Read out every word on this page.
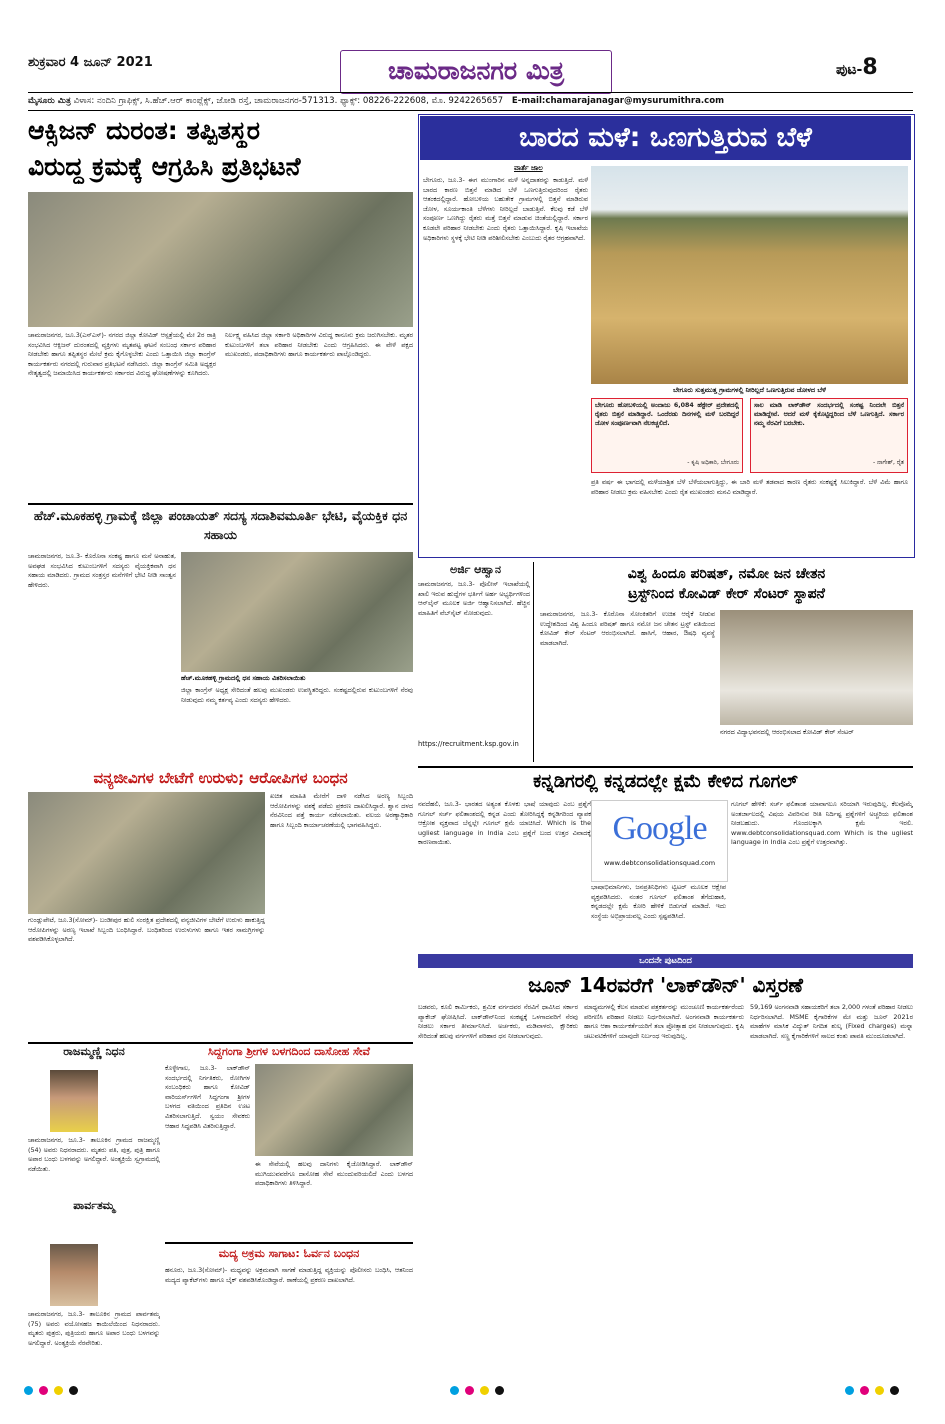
ಶುಕ್ರವಾರ 4 ಜೂನ್ 2021	ಚಾಮರಾಜನಗರ ಮಿತ್ರ	ಪುಟ-8
ಮೈಸೂರು ಮಿತ್ರ ವಿಳಾಸ: ನಂದಿನಿ ಗ್ರಾಫಿಕ್ಸ್, ಸಿ.ಹೆಚ್.ಆರ್ ಕಾಂಪ್ಲೆಕ್ಸ್, ಜೋಡಿ ರಸ್ತೆ, ಚಾಮರಾಜನಗರ-571313. ಫ್ಯಾಕ್ಸ್: 08226-222608, ಮೊ. 9242265657 E-mail:chamarajanagar@mysurumithra.com
ಆಕ್ಸಿಜನ್ ದುರಂತ: ತಪ್ಪಿತಸ್ಥರ
ವಿರುದ್ಧ ಕ್ರಮಕ್ಕೆ ಆಗ್ರಹಿಸಿ ಪ್ರತಿಭಟನೆ
ಚಾಮರಾಜನಗರ, ಜೂ.3(ಎಸ್‌ಎಸ್)- ನಗರದ ಜಿಲ್ಲಾ ಕೋವಿಡ್ ಆಸ್ಪತ್ರೆಯಲ್ಲಿ ಮೇ 2ರ ರಾತ್ರಿ ಸಂಭವಿಸಿದ ಆಕ್ಸಿಜನ್ ದುರಂತದಲ್ಲಿ ವ್ಯಕ್ತಿಗಳು ಮೃತಪಟ್ಟ ಘಟನೆ ಸಂಬಂಧ ಸರ್ಕಾರ ಪರಿಹಾರ ನೀಡಬೇಕು ಹಾಗೂ ತಪ್ಪಿತಸ್ಥರ ಮೇಲೆ ಕ್ರಮ ಕೈಗೊಳ್ಳಬೇಕು ಎಂದು ಒತ್ತಾಯಿಸಿ ಜಿಲ್ಲಾ ಕಾಂಗ್ರೆಸ್ ಕಾರ್ಯಕರ್ತರು ನಗರದಲ್ಲಿ ಗುರುವಾರ ಪ್ರತಿಭಟನೆ ನಡೆಸಿದರು. ಜಿಲ್ಲಾ ಕಾಂಗ್ರೆಸ್ ಸಮಿತಿ ಅಧ್ಯಕ್ಷರ ನೇತೃತ್ವದಲ್ಲಿ ಜಮಾಯಿಸಿದ ಕಾರ್ಯಕರ್ತರು ಸರ್ಕಾರದ ವಿರುದ್ಧ ಘೋಷಣೆಗಳನ್ನು ಕೂಗಿದರು.
ನಿರ್ಲಕ್ಷ್ಯ ವಹಿಸಿದ ಜಿಲ್ಲಾ ಸರ್ಕಾರಿ ಅಧಿಕಾರಿಗಳ ವಿರುದ್ಧ ಕಾನೂನು ಕ್ರಮ ಜರುಗಿಸಬೇಕು. ಮೃತರ ಕುಟುಂಬಗಳಿಗೆ ತಲಾ ಪರಿಹಾರ ನೀಡಬೇಕು ಎಂದು ಆಗ್ರಹಿಸಿದರು. ಈ ವೇಳೆ ಪಕ್ಷದ ಮುಖಂಡರು, ಪದಾಧಿಕಾರಿಗಳು ಹಾಗೂ ಕಾರ್ಯಕರ್ತರು ಪಾಲ್ಗೊಂಡಿದ್ದರು.
ಬಾರದ ಮಳೆ: ಒಣಗುತ್ತಿರುವ ಬೆಳೆ
ವಾರ್ತೆ ಜಾಲ
ಬೇಗೂರು, ಜೂ.3- ಈಗ ಮುಂಗಾರಿನ ಮಳೆ ಅನ್ನದಾತರನ್ನು ಕಾಡುತ್ತಿದೆ. ಮಳೆ ಬಾರದ ಕಾರಣ ಬಿತ್ತನೆ ಮಾಡಿದ ಬೆಳೆ ಒಣಗುತ್ತಿರುವುದರಿಂದ ರೈತರು ಆತಂಕದಲ್ಲಿದ್ದಾರೆ. ಹೋಬಳಿಯ ಬಹುತೇಕ ಗ್ರಾಮಗಳಲ್ಲಿ ಬಿತ್ತನೆ ಮಾಡಿರುವ ಜೋಳ, ಸೂರ್ಯಕಾಂತಿ ಬೆಳೆಗಳು ನೀರಿಲ್ಲದೆ ಬಾಡುತ್ತಿವೆ. ಕೆಲವು ಕಡೆ ಬೆಳೆ ಸಂಪೂರ್ಣ ಒಣಗಿದ್ದು ರೈತರು ಮತ್ತೆ ಬಿತ್ತನೆ ಮಾಡುವ ಚಿಂತೆಯಲ್ಲಿದ್ದಾರೆ. ಸರ್ಕಾರ ಕೂಡಲೇ ಪರಿಹಾರ ನೀಡಬೇಕು ಎಂದು ರೈತರು ಒತ್ತಾಯಿಸಿದ್ದಾರೆ. ಕೃಷಿ ಇಲಾಖೆಯ ಅಧಿಕಾರಿಗಳು ಸ್ಥಳಕ್ಕೆ ಭೇಟಿ ನೀಡಿ ಪರಿಶೀಲಿಸಬೇಕು ಎಂಬುದು ರೈತರ ಆಗ್ರಹವಾಗಿದೆ.
ಬೇಗೂರು ಸುತ್ತಮುತ್ತ ಗ್ರಾಮಗಳಲ್ಲಿ ನೀರಿಲ್ಲದೆ ಒಣಗುತ್ತಿರುವ ಜೋಳದ ಬೆಳೆ
ಬೇಗೂರು ಹೋಬಳಿಯಲ್ಲಿ ಅಂದಾಜು 6,084 ಹೆಕ್ಟೇರ್ ಪ್ರದೇಶದಲ್ಲಿ ರೈತರು ಬಿತ್ತನೆ ಮಾಡಿದ್ದಾರೆ. ಒಂದೆರಡು ದಿನಗಳಲ್ಲಿ ಮಳೆ ಬರದಿದ್ದರೆ ಜೋಳ ಸಂಪೂರ್ಣವಾಗಿ ನೆಲಕಚ್ಚಲಿದೆ.
- ಕೃಷಿ ಅಧಿಕಾರಿ, ಬೇಗೂರು
ಸಾಲ ಮಾಡಿ ಲಾಕ್‌ಡೌನ್ ಸಂದರ್ಭದಲ್ಲಿ ಸಂಕಷ್ಟ ನಿಂದಲೇ ಬಿತ್ತನೆ ಮಾಡಿದ್ದೇವೆ. ಆದರೆ ಮಳೆ ಕೈಕೊಟ್ಟಿದ್ದರಿಂದ ಬೆಳೆ ಒಣಗುತ್ತಿದೆ. ಸರ್ಕಾರ ನಮ್ಮ ನೆರವಿಗೆ ಬರಬೇಕು.
- ನಾಗೇಶ್, ರೈತ
ಪ್ರತಿ ವರ್ಷ ಈ ಭಾಗದಲ್ಲಿ ಮಳೆಯಾಶ್ರಿತ ಬೆಳೆ ಬೆಳೆಯಲಾಗುತ್ತಿದ್ದು, ಈ ಬಾರಿ ಮಳೆ ತಡವಾದ ಕಾರಣ ರೈತರು ಸಂಕಷ್ಟಕ್ಕೆ ಸಿಲುಕಿದ್ದಾರೆ. ಬೆಳೆ ವಿಮೆ ಹಾಗೂ ಪರಿಹಾರ ನೀಡಲು ಕ್ರಮ ವಹಿಸಬೇಕು ಎಂದು ರೈತ ಮುಖಂಡರು ಮನವಿ ಮಾಡಿದ್ದಾರೆ.
ಹೆಚ್.ಮೂಕಹಳ್ಳಿ ಗ್ರಾಮಕ್ಕೆ ಜಿಲ್ಲಾ ಪಂಚಾಯತ್ ಸದಸ್ಯ ಸದಾಶಿವಮೂರ್ತಿ ಭೇಟಿ, ವೈಯಕ್ತಿಕ ಧನ ಸಹಾಯ
ಚಾಮರಾಜನಗರ, ಜೂ.3- ಕೊರೊನಾ ಸಂಕಷ್ಟ ಹಾಗೂ ಮನೆ ಅನಾಹುತ, ಅವಘಡ ಸಂಭವಿಸಿದ ಕುಟುಂಬಗಳಿಗೆ ಸದಸ್ಯರು ವೈಯಕ್ತಿಕವಾಗಿ ಧನ ಸಹಾಯ ಮಾಡಿದರು. ಗ್ರಾಮದ ಸಂತ್ರಸ್ತರ ಮನೆಗಳಿಗೆ ಭೇಟಿ ನೀಡಿ ಸಾಂತ್ವನ ಹೇಳಿದರು.
ಹೆಚ್.ಮೂಕಹಳ್ಳಿ ಗ್ರಾಮದಲ್ಲಿ ಧನ ಸಹಾಯ ವಿತರಿಸಲಾಯಿತು
ಜಿಲ್ಲಾ ಕಾಂಗ್ರೆಸ್ ಅಧ್ಯಕ್ಷ ಸೇರಿದಂತೆ ಹಲವು ಮುಖಂಡರು ಉಪಸ್ಥಿತರಿದ್ದರು. ಸಂಕಷ್ಟದಲ್ಲಿರುವ ಕುಟುಂಬಗಳಿಗೆ ನೆರವು ನೀಡುವುದು ನಮ್ಮ ಕರ್ತವ್ಯ ಎಂದು ಸದಸ್ಯರು ಹೇಳಿದರು.
ಅರ್ಜಿ ಆಹ್ವಾನ
ಚಾಮರಾಜನಗರ, ಜೂ.3- ಪೊಲೀಸ್ ಇಲಾಖೆಯಲ್ಲಿ ಖಾಲಿ ಇರುವ ಹುದ್ದೆಗಳ ಭರ್ತಿಗೆ ಅರ್ಹ ಅಭ್ಯರ್ಥಿಗಳಿಂದ ಆನ್‌ಲೈನ್ ಮೂಲಕ ಅರ್ಜಿ ಆಹ್ವಾನಿಸಲಾಗಿದೆ. ಹೆಚ್ಚಿನ ಮಾಹಿತಿಗೆ ವೆಬ್‌ಸೈಟ್ ನೋಡುವುದು.
https://recruitment.ksp.gov.in
ವಿಶ್ವ ಹಿಂದೂ ಪರಿಷತ್, ನಮೋ ಜನ ಚೇತನ
ಟ್ರಸ್ಟ್‌ನಿಂದ ಕೋವಿಡ್ ಕೇರ್ ಸೆಂಟರ್ ಸ್ಥಾಪನೆ
ಚಾಮರಾಜನಗರ, ಜೂ.3- ಕೊರೊನಾ ಸೋಂಕಿತರಿಗೆ ಉಚಿತ ಆರೈಕೆ ನೀಡುವ ಉದ್ದೇಶದಿಂದ ವಿಶ್ವ ಹಿಂದೂ ಪರಿಷತ್ ಹಾಗೂ ನಮೋ ಜನ ಚೇತನ ಟ್ರಸ್ಟ್ ವತಿಯಿಂದ ಕೋವಿಡ್ ಕೇರ್ ಸೆಂಟರ್ ಆರಂಭಿಸಲಾಗಿದೆ. ಹಾಸಿಗೆ, ಆಹಾರ, ಔಷಧಿ ವ್ಯವಸ್ಥೆ ಮಾಡಲಾಗಿದೆ.
ನಗರದ ವಿದ್ಯಾಭವನದಲ್ಲಿ ಆರಂಭಿಸಲಾದ ಕೋವಿಡ್ ಕೇರ್ ಸೆಂಟರ್
ಕನ್ನಡಿಗರಲ್ಲಿ ಕನ್ನಡದಲ್ಲೇ ಕ್ಷಮೆ ಕೇಳಿದ ಗೂಗಲ್
ನವದೆಹಲಿ, ಜೂ.3- ಭಾರತದ ಅತ್ಯಂತ ಕೊಳಕು ಭಾಷೆ ಯಾವುದು ಎಂಬ ಪ್ರಶ್ನೆಗೆ ಗೂಗಲ್ ಸರ್ಚ್ ಫಲಿತಾಂಶದಲ್ಲಿ ಕನ್ನಡ ಎಂದು ತೋರಿಸಿದ್ದಕ್ಕೆ ಕನ್ನಡಿಗರಿಂದ ವ್ಯಾಪಕ ಆಕ್ರೋಶ ವ್ಯಕ್ತವಾದ ಬೆನ್ನಲ್ಲೇ ಗೂಗಲ್ ಕ್ಷಮೆ ಯಾಚಿಸಿದೆ. Which is the ugliest language in India ಎಂಬ ಪ್ರಶ್ನೆಗೆ ಬಂದ ಉತ್ತರ ವಿವಾದಕ್ಕೆ ಕಾರಣವಾಯಿತು.	Google
www.debtconsolidationsquad.com
ಭಾಷಾಭಿಮಾನಿಗಳು, ಜನಪ್ರತಿನಿಧಿಗಳು ಟ್ವಿಟರ್ ಮೂಲಕ ಆಕ್ಷೇಪ ವ್ಯಕ್ತಪಡಿಸಿದರು. ನಂತರ ಗೂಗಲ್ ಫಲಿತಾಂಶ ತೆಗೆದುಹಾಕಿ, ಕನ್ನಡದಲ್ಲೇ ಕ್ಷಮೆ ಕೋರಿ ಹೇಳಿಕೆ ಬಿಡುಗಡೆ ಮಾಡಿದೆ. ಇದು ಸಂಸ್ಥೆಯ ಅಭಿಪ್ರಾಯವಲ್ಲ ಎಂದು ಸ್ಪಷ್ಟಪಡಿಸಿದೆ.
ಗೂಗಲ್ ಹೇಳಿಕೆ: ಸರ್ಚ್ ಫಲಿತಾಂಶ ಯಾವಾಗಲೂ ಸರಿಯಾಗಿ ಇರುವುದಿಲ್ಲ. ಕೆಲವೊಮ್ಮೆ ಅಂತರ್ಜಾಲದಲ್ಲಿ ವಿಷಯ ವಿವರಿಸುವ ರೀತಿ ನಿರ್ದಿಷ್ಟ ಪ್ರಶ್ನೆಗಳಿಗೆ ಅಚ್ಚರಿಯ ಫಲಿತಾಂಶ ನೀಡಬಹುದು. ಗೊಂದಲಕ್ಕಾಗಿ ಕ್ಷಮೆ ಇರಲಿ. www.debtconsolidationsquad.com Which is the ugliest language in India ಎಂಬ ಪ್ರಶ್ನೆಗೆ ಉತ್ತರವಾಗಿತ್ತು.
ಒಂದನೇ ಪುಟದಿಂದ
ಜೂನ್ 14ರವರೆಗೆ 'ಲಾಕ್‌ಡೌನ್' ವಿಸ್ತರಣೆ
ಬಡವರು, ಕೂಲಿ ಕಾರ್ಮಿಕರು, ಶ್ರಮಿಕ ವರ್ಗದವರ ನೆರವಿಗೆ ಧಾವಿಸಿದ ಸರ್ಕಾರ ಪ್ಯಾಕೇಜ್ ಘೋಷಿಸಿದೆ. ಲಾಕ್‌ಡೌನ್‌ನಿಂದ ಸಂಕಷ್ಟಕ್ಕೆ ಒಳಗಾದವರಿಗೆ ನೆರವು ನೀಡಲು ಸರ್ಕಾರ ತೀರ್ಮಾನಿಸಿದೆ. ಅರ್ಚಕರು, ಮಡಿವಾಳರು, ಕ್ಷೌರಿಕರು ಸೇರಿದಂತೆ ಹಲವು ವರ್ಗಗಳಿಗೆ ಪರಿಹಾರ ಧನ ನೀಡಲಾಗುವುದು.
ಮಾಧ್ಯಮಗಳಲ್ಲಿ ಕೆಲಸ ಮಾಡುವ ಪತ್ರಕರ್ತರನ್ನು ಮುಂಚೂಣಿ ಕಾರ್ಯಕರ್ತರೆಂದು ಪರಿಗಣಿಸಿ ಪರಿಹಾರ ನೀಡಲು ನಿರ್ಧರಿಸಲಾಗಿದೆ. ಅಂಗನವಾಡಿ ಕಾರ್ಯಕರ್ತರು ಹಾಗೂ ಆಶಾ ಕಾರ್ಯಕರ್ತೆಯರಿಗೆ ತಲಾ ಪ್ರೋತ್ಸಾಹ ಧನ ನೀಡಲಾಗುವುದು. ಕೃಷಿ ಚಟುವಟಿಕೆಗಳಿಗೆ ಯಾವುದೇ ನಿರ್ಬಂಧ ಇರುವುದಿಲ್ಲ.
59,169 ಅಂಗನವಾಡಿ ಸಹಾಯಕರಿಗೆ ತಲಾ 2,000 ಗಳಂತೆ ಪರಿಹಾರ ನೀಡಲು ನಿರ್ಧರಿಸಲಾಗಿದೆ. MSME ಕೈಗಾರಿಕೆಗಳ ಮೇ ಮತ್ತು ಜೂನ್ 2021ರ ಮಾಹೆಗಳ ಮಾಸಿಕ ವಿದ್ಯುತ್ ನಿಗದಿತ ಶುಲ್ಕ (Fixed charges) ಮನ್ನಾ ಮಾಡಲಾಗಿದೆ. ಸಣ್ಣ ಕೈಗಾರಿಕೆಗಳಿಗೆ ಸಾಲದ ಕಂತು ಪಾವತಿ ಮುಂದೂಡಲಾಗಿದೆ.
ವನ್ಯಜೀವಿಗಳ ಬೇಟೆಗೆ ಉರುಳು; ಆರೋಪಿಗಳ ಬಂಧನ
ಗುಂಡ್ಲುಪೇಟೆ, ಜೂ.3(ಸೋಮ್)- ಬಂಡೀಪುರ ಹುಲಿ ಸಂರಕ್ಷಿತ ಪ್ರದೇಶದಲ್ಲಿ ವನ್ಯಜೀವಿಗಳ ಬೇಟೆಗೆ ಉರುಳು ಹಾಕುತ್ತಿದ್ದ ಆರೋಪಿಗಳನ್ನು ಅರಣ್ಯ ಇಲಾಖೆ ಸಿಬ್ಬಂದಿ ಬಂಧಿಸಿದ್ದಾರೆ. ಬಂಧಿತರಿಂದ ಉರುಳುಗಳು ಹಾಗೂ ಇತರ ಸಾಮಗ್ರಿಗಳನ್ನು ವಶಪಡಿಸಿಕೊಳ್ಳಲಾಗಿದೆ.
ಖಚಿತ ಮಾಹಿತಿ ಮೇರೆಗೆ ದಾಳಿ ನಡೆಸಿದ ಅರಣ್ಯ ಸಿಬ್ಬಂದಿ ಆರೋಪಿಗಳನ್ನು ವಶಕ್ಕೆ ಪಡೆದು ಪ್ರಕರಣ ದಾಖಲಿಸಿದ್ದಾರೆ. ಶ್ವಾನ ದಳದ ನೆರವಿನಿಂದ ಪತ್ತೆ ಕಾರ್ಯ ನಡೆಸಲಾಯಿತು. ವಲಯ ಅರಣ್ಯಾಧಿಕಾರಿ ಹಾಗೂ ಸಿಬ್ಬಂದಿ ಕಾರ್ಯಾಚರಣೆಯಲ್ಲಿ ಭಾಗವಹಿಸಿದ್ದರು.
ರಾಜಮ್ಮಣ್ಣಿ ನಿಧನ
ಚಾಮರಾಜನಗರ, ಜೂ.3- ತಾಲೂಕಿನ ಗ್ರಾಮದ ರಾಜಮ್ಮಣ್ಣಿ (54) ಅವರು ನಿಧನರಾದರು. ಮೃತರು ಪತಿ, ಪುತ್ರ, ಪುತ್ರಿ ಹಾಗೂ ಅಪಾರ ಬಂಧು ಬಳಗವನ್ನು ಅಗಲಿದ್ದಾರೆ. ಅಂತ್ಯಕ್ರಿಯೆ ಸ್ವಗ್ರಾಮದಲ್ಲಿ ನಡೆಯಿತು.
ಪಾರ್ವತಮ್ಮ
ಚಾಮರಾಜನಗರ, ಜೂ.3- ತಾಲೂಕಿನ ಗ್ರಾಮದ ಪಾರ್ವತಮ್ಮ (75) ಅವರು ವಯೋಸಹಜ ಕಾಯಿಲೆಯಿಂದ ನಿಧನರಾದರು. ಮೃತರು ಪುತ್ರರು, ಪುತ್ರಿಯರು ಹಾಗೂ ಅಪಾರ ಬಂಧು ಬಳಗವನ್ನು ಅಗಲಿದ್ದಾರೆ. ಅಂತ್ಯಕ್ರಿಯೆ ನೆರವೇರಿತು.
ಸಿದ್ದಗಂಗಾ ಶ್ರೀಗಳ ಬಳಗದಿಂದ ದಾಸೋಹ ಸೇವೆ
ಕೊಳ್ಳೇಗಾಲ, ಜೂ.3- ಲಾಕ್‌ಡೌನ್ ಸಂದರ್ಭದಲ್ಲಿ ನಿರ್ಗತಿಕರು, ರೋಗಿಗಳ ಸಂಬಂಧಿಕರು ಹಾಗೂ ಕೋವಿಡ್ ವಾರಿಯರ್ಸ್‌ಗಳಿಗೆ ಸಿದ್ದಗಂಗಾ ಶ್ರೀಗಳ ಬಳಗದ ವತಿಯಿಂದ ಪ್ರತಿದಿನ ಊಟ ವಿತರಿಸಲಾಗುತ್ತಿದೆ. ಸ್ವಯಂ ಸೇವಕರು ಆಹಾರ ಸಿದ್ಧಪಡಿಸಿ ವಿತರಿಸುತ್ತಿದ್ದಾರೆ.
ಈ ಸೇವೆಯಲ್ಲಿ ಹಲವು ದಾನಿಗಳು ಕೈಜೋಡಿಸಿದ್ದಾರೆ. ಲಾಕ್‌ಡೌನ್ ಮುಗಿಯುವವರೆಗೂ ದಾಸೋಹ ಸೇವೆ ಮುಂದುವರಿಯಲಿದೆ ಎಂದು ಬಳಗದ ಪದಾಧಿಕಾರಿಗಳು ತಿಳಿಸಿದ್ದಾರೆ.
ಮದ್ಯ ಅಕ್ರಮ ಸಾಗಾಟ: ಓರ್ವನ ಬಂಧನ
ಹನೂರು, ಜೂ.3(ಸೋಮ್)- ಮಧ್ಯವನ್ನು ಅಕ್ರಮವಾಗಿ ಸಾಗಣೆ ಮಾಡುತ್ತಿದ್ದ ವ್ಯಕ್ತಿಯನ್ನು ಪೊಲೀಸರು ಬಂಧಿಸಿ, ಆತನಿಂದ ಮದ್ಯದ ಪ್ಯಾಕೆಟ್‌ಗಳು ಹಾಗೂ ಬೈಕ್ ವಶಪಡಿಸಿಕೊಂಡಿದ್ದಾರೆ. ಠಾಣೆಯಲ್ಲಿ ಪ್ರಕರಣ ದಾಖಲಾಗಿದೆ.
